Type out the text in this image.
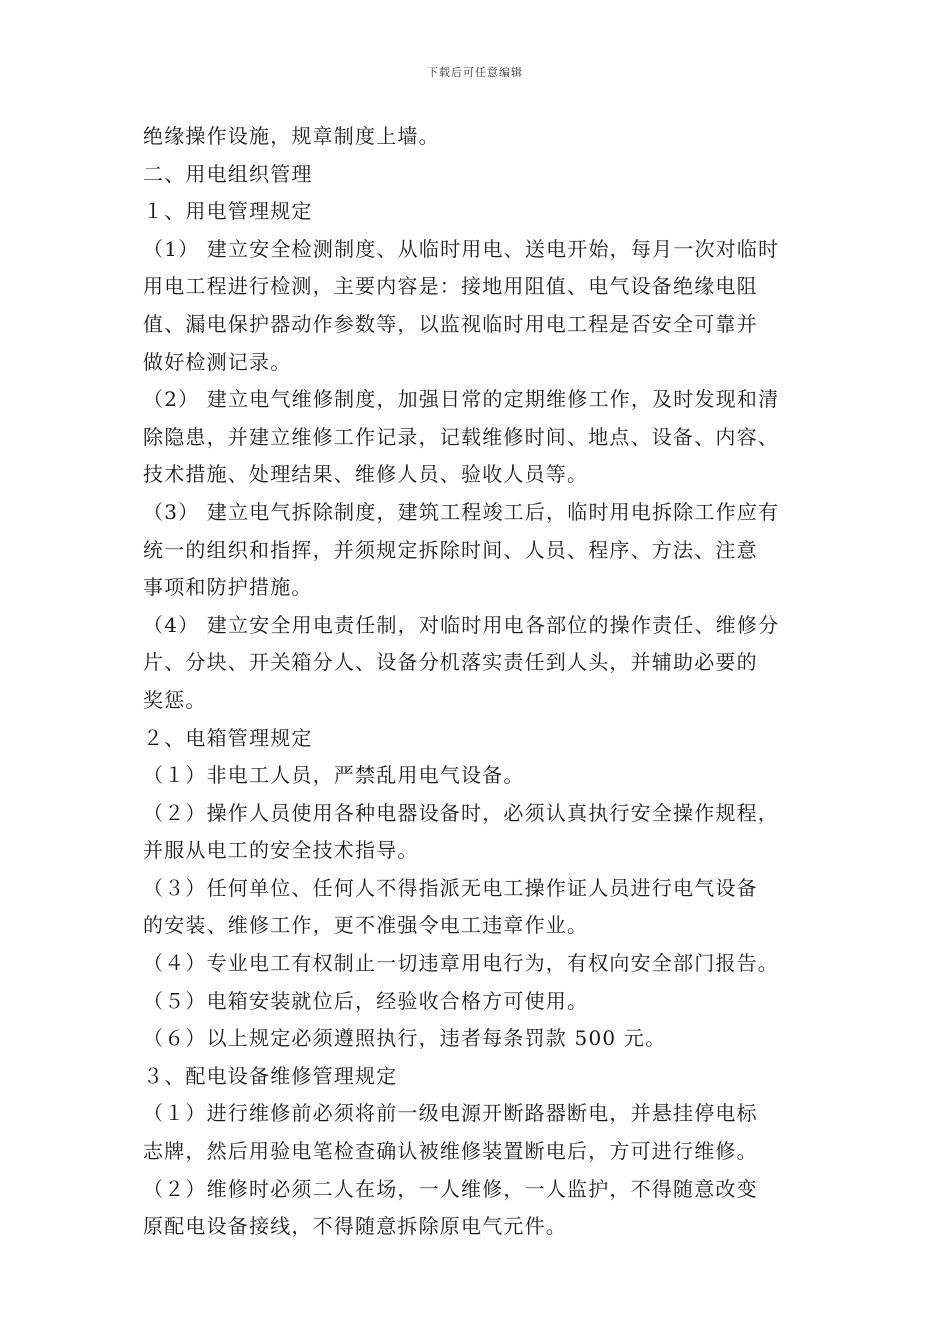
下载后可任意编辑
绝缘操作设施，规章制度上墙。
二、用电组织管理
１、用电管理规定
（1） 建立安全检测制度、从临时用电、送电开始，每月一次对临时
用电工程进行检测，主要内容是：接地用阻值、电气设备绝缘电阻
值、漏电保护器动作参数等，以监视临时用电工程是否安全可靠并
做好检测记录。
（2） 建立电气维修制度，加强日常的定期维修工作，及时发现和清
除隐患，并建立维修工作记录，记载维修时间、地点、设备、内容、
技术措施、处理结果、维修人员、验收人员等。
（3） 建立电气拆除制度，建筑工程竣工后，临时用电拆除工作应有
统一的组织和指挥，并须规定拆除时间、人员、程序、方法、注意
事项和防护措施。
（4） 建立安全用电责任制，对临时用电各部位的操作责任、维修分
片、分块、开关箱分人、设备分机落实责任到人头，并辅助必要的
奖惩。
２、电箱管理规定
（１）非电工人员，严禁乱用电气设备。
（２）操作人员使用各种电器设备时，必须认真执行安全操作规程，
并服从电工的安全技术指导。
（３）任何单位、任何人不得指派无电工操作证人员进行电气设备
的安装、维修工作，更不准强令电工违章作业。
（４）专业电工有权制止一切违章用电行为，有权向安全部门报告。
（５）电箱安装就位后，经验收合格方可使用。
（６）以上规定必须遵照执行，违者每条罚款 500 元。
３、配电设备维修管理规定
（１）进行维修前必须将前一级电源开断路器断电，并悬挂停电标
志牌，然后用验电笔检查确认被维修装置断电后，方可进行维修。
（２）维修时必须二人在场，一人维修，一人监护，不得随意改变
原配电设备接线，不得随意拆除原电气元件。
